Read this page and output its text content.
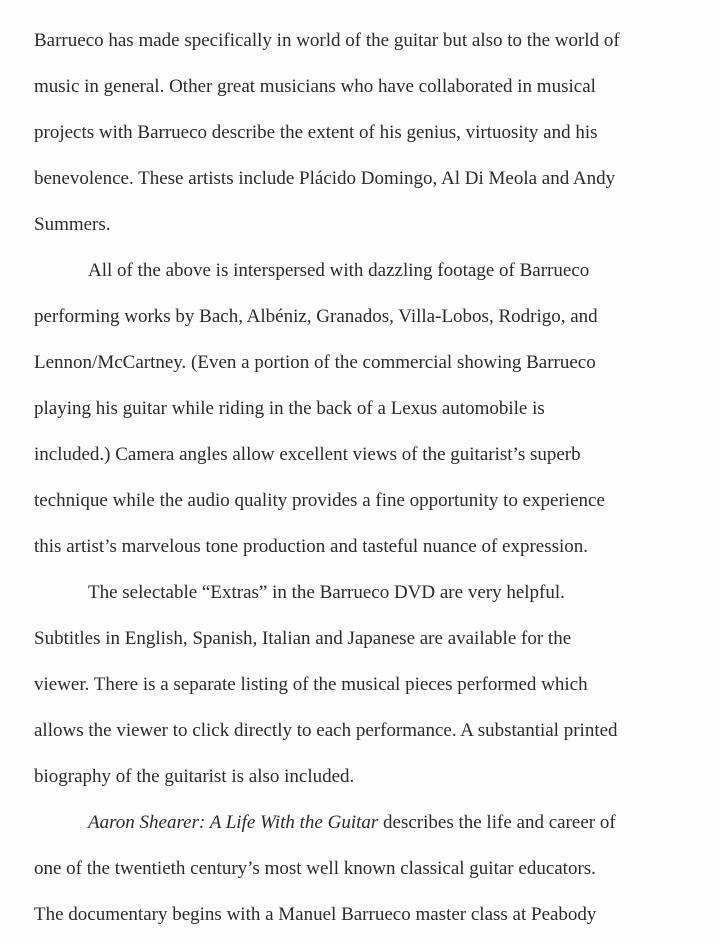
Barrueco has made specifically in world of the guitar but also to the world of
music in general. Other great musicians who have collaborated in musical
projects with Barrueco describe the extent of his genius, virtuosity and his
benevolence. These artists include Plácido Domingo, Al Di Meola and Andy
Summers.
All of the above is interspersed with dazzling footage of Barrueco
performing works by Bach, Albéniz, Granados, Villa-Lobos, Rodrigo, and
Lennon/McCartney. (Even a portion of the commercial showing Barrueco
playing his guitar while riding in the back of a Lexus automobile is
included.) Camera angles allow excellent views of the guitarist’s superb
technique while the audio quality provides a fine opportunity to experience
this artist’s marvelous tone production and tasteful nuance of expression.
The selectable “Extras” in the Barrueco DVD are very helpful.
Subtitles in English, Spanish, Italian and Japanese are available for the
viewer. There is a separate listing of the musical pieces performed which
allows the viewer to click directly to each performance. A substantial printed
biography of the guitarist is also included.
Aaron Shearer: A Life With the Guitar describes the life and career of
one of the twentieth century’s most well known classical guitar educators.
The documentary begins with a Manuel Barrueco master class at Peabody
